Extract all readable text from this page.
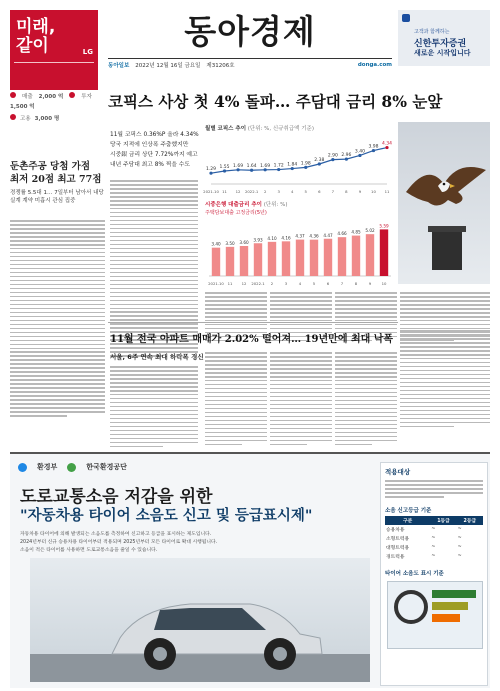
미래,
같이	LG
매출 2,000 억	투자
1,500 억
고용 3,000 명
동아경제	고객과 함께하는
신한투자증권
새로운 시작입니다
동아일보 2022년 12월 16일 금요일 제31206호	donga.com
코픽스 사상 첫 4% 돌파… 주담대 금리 8% 눈앞
둔촌주공 당첨 가점
최저 20점 최고 77점
경쟁률 5.5대 1… 7일부터 남아서 내당 실계 계약 미흡시 관심 집중
11월 코픽스 0.36%P 올라 4.34%
당국 지적에 인상폭 주춤했지만
시중銀 금리 상단 7.72%까지 예고
내년 주담대 최고 8% 찍을 수도
월별 코픽스 추이 (단위: %, 신규취급액 기준)
1.29
2021.10
1.55
11
1.69
12
1.64
2022.1
1.69
2
1.72
3
1.84
4
1.98
5
2.38
6
2.90
7
2.96
8
3.40
9
3.98
10
4.34
11
시중은행 대출금리 추이 (단위: %)
주택담보대출 고정금리(5년)
3.40
2021.10
3.50
11
3.60
12
3.93
2022.1
4.10
2
4.16
3
4.37
4
4.36
5
4.47
6
4.66
7
4.85
8
5.02
9
5.59
10
11월 전국 아파트 매매가 2.02% 떨어져… 19년만에 최대 낙폭
서울, 6주 연속 최대 하락폭 경신
환경부	한국환경공단
도로교통소음 저감을 위한
"자동차용 타이어 소음도 신고 및 등급표시제"
자동차용 타이어에 의해 발생되는 소음도를 측정하여 신고하고 등급을 표시하는 제도입니다.
2024년부터 신규 승용차용 타이어부터 적용되며 2025년부터 모든 타이어로 확대 시행됩니다.
소음이 적은 타이어를 사용하면 도로교통소음을 줄일 수 있습니다.
적용대상
소음 신고등급 기준
구분	1등급	2등급
승용차용	~	~
소형트럭용	~	~
대형트럭용	~	~
경트럭용	~	~
타이어 소음도 표시 기준
